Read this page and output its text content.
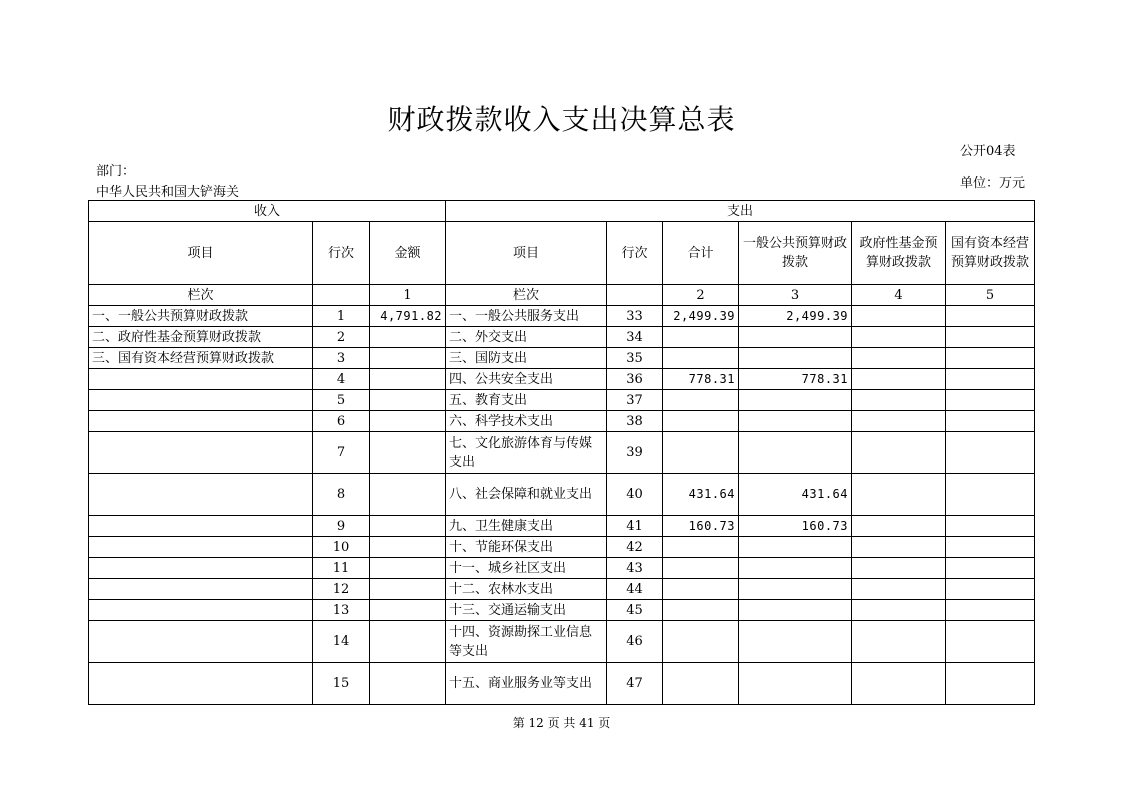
财政拨款收入支出决算总表
公开04表
部门：
中华人民共和国大铲海关
单位：万元
收入			支出					
项目	行次	金额	项目	行次	合计	一般公共预算财政拨款	政府性基金预算财政拨款	国有资本经营预算财政拨款
栏次		1	栏次		2	3	4	5
一、一般公共预算财政拨款	1	4,791.82	一、一般公共服务支出	33	2,499.39	2,499.39		
二、政府性基金预算财政拨款	2		二、外交支出	34				
三、国有资本经营预算财政拨款	3		三、国防支出	35				
	4		四、公共安全支出	36	778.31	778.31		
	5		五、教育支出	37				
	6		六、科学技术支出	38				
	7		七、文化旅游体育与传媒支出	39				
	8		八、社会保障和就业支出	40	431.64	431.64		
	9		九、卫生健康支出	41	160.73	160.73		
	10		十、节能环保支出	42				
	11		十一、城乡社区支出	43				
	12		十二、农林水支出	44				
	13		十三、交通运输支出	45				
	14		十四、资源勘探工业信息等支出	46				
	15		十五、商业服务业等支出	47				
第 12 页 共 41 页
